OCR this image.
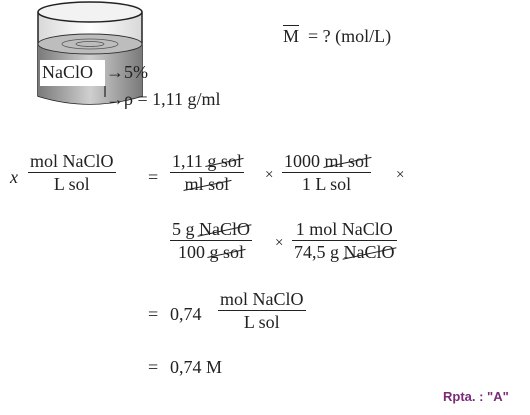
NaClO → 5%
→ ρ = 1,11 g/ml
M = ? (mol/L)
x
mol NaClO
L sol	=
1,11 g sol
ml sol	×
1000 ml sol
1 L sol	×
5 g NaClO
100 g sol	×
1 mol NaClO
74,5 g NaClO
= 0,74
mol NaClO
L sol
= 0,74 M
Rpta. : "A"
